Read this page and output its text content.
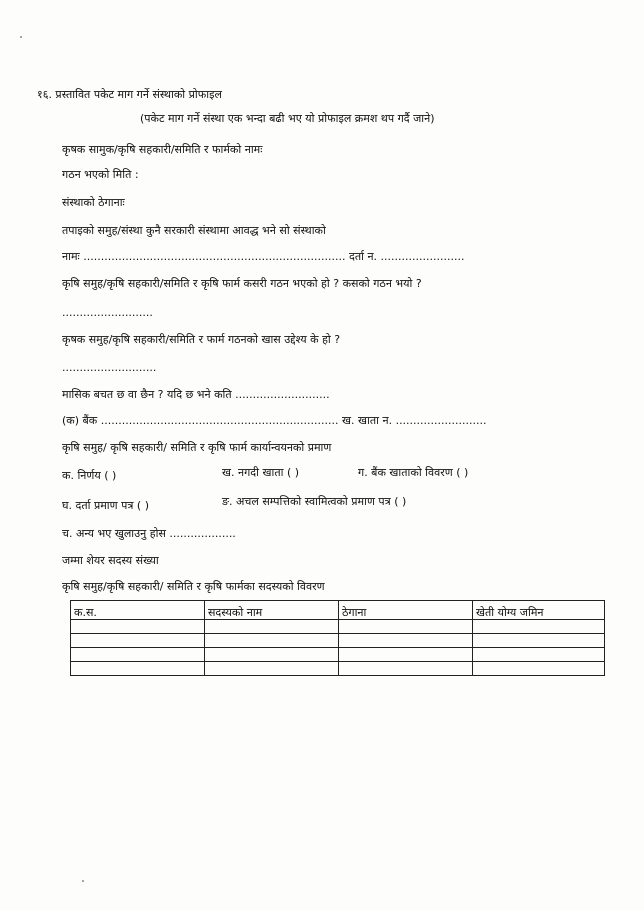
१६. प्रस्तावित पकेट माग गर्ने संस्थाको प्रोफाइल
(पकेट माग गर्ने संस्था एक भन्दा बढी भए यो प्रोफाइल क्रमश थप गर्दै जाने)
कृषक सामुक/कृषि सहकारी/समिति र फार्मको नामः
गठन भएको मिति :
संस्थाको ठेगानाः
तपाइको समुह/संस्था कुनै सरकारी संस्थामा आवद्ध भने सो संस्थाको
नामः ........................................................................... दर्ता न. ........................
कृषि समुह/कृषि सहकारी/समिति र कृषि फार्म कसरी गठन भएको हो ? कसको गठन भयो ?
..........................
कृषक समुह/कृषि सहकारी/समिति र फार्म गठनको खास उद्देश्य के हो ?
...........................
मासिक बचत छ वा छैन ? यदि छ भने कति ...........................
(क) बैंक .................................................................... ख. खाता न. ..........................
कृषि समुह/ कृषि सहकारी/ समिति र कृषि फार्म कार्यान्वयनको प्रमाण
क. निर्णय ( )	ख. नगदी खाता ( )	ग. बैंक खाताको विवरण ( )
घ. दर्ता प्रमाण पत्र ( )	ङ. अचल सम्पत्तिको स्वामित्वको प्रमाण पत्र ( )
च. अन्य भए खुलाउनु होस ...................
जम्मा शेयर सदस्य संख्या
कृषि समुह/कृषि सहकारी/ समिति र कृषि फार्मका सदस्यको विवरण
क.स.	सदस्यको नाम	ठेगाना	खेती योग्य जमिन
